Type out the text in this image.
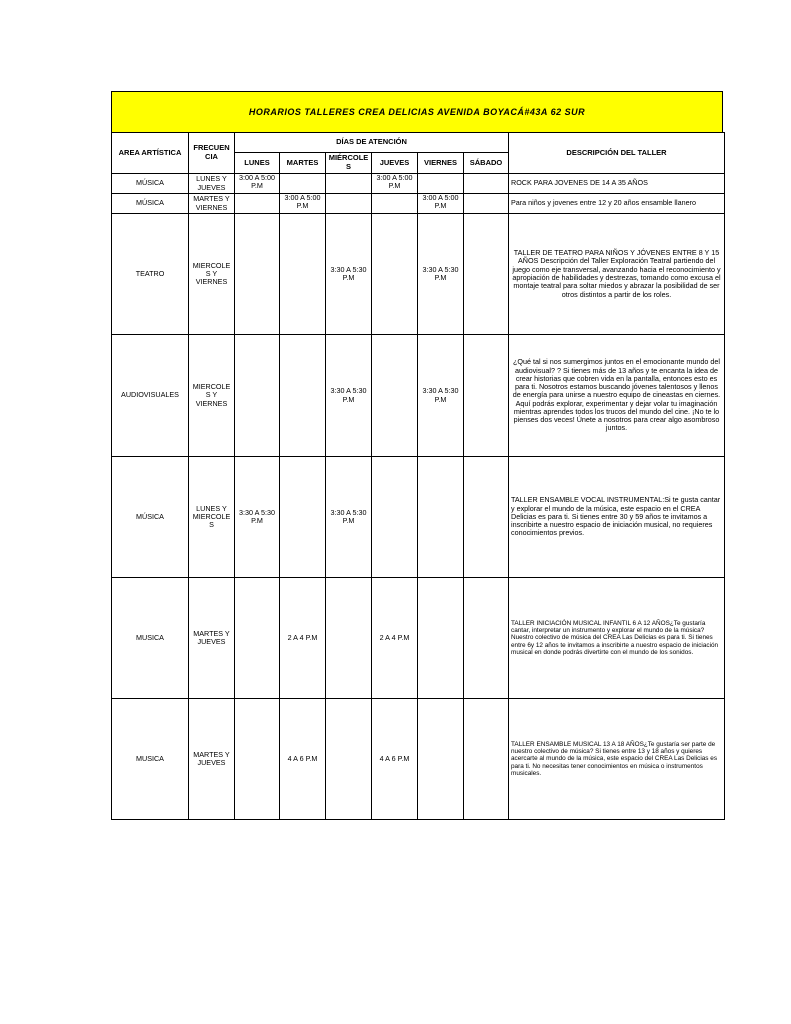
HORARIOS TALLERES CREA DELICIAS AVENIDA BOYACÁ#43A 62 SUR
AREA ARTÍSTICA	FRECUEN CIA	DÍAS DE ATENCIÓN						DESCRIPCIÓN DEL TALLER
		LUNES	MARTES	MIÉRCOLE S	JUEVES	VIERNES	SÁBADO	
MÚSICA	LUNES Y JUEVES	3:00 A 5:00 P.M			3:00 A 5:00 P.M			ROCK PARA JOVENES DE 14 A 35 AÑOS
MÚSICA	MARTES Y VIERNES		3:00 A 5:00 P.M			3:00 A 5:00 P.M		Para niños y jovenes entre 12 y 20 años ensamble llanero
TEATRO	MIERCOLE S Y VIERNES			3:30 A 5:30 P.M		3:30 A 5:30 P.M		TALLER DE TEATRO PARA NIÑOS Y JÓVENES ENTRE 8 Y 15 AÑOS Descripción del Taller Exploración Teatral partiendo del juego como eje transversal, avanzando hacia el reconocimiento y apropiación de habilidades y destrezas, tomando como excusa el montaje teatral para soltar miedos y abrazar la posibilidad de ser otros distintos a partir de los roles.
AUDIOVISUALES	MIERCOLE S Y VIERNES			3:30 A 5:30 P.M		3:30 A 5:30 P.M		¿Qué tal si nos sumergimos juntos en el emocionante mundo del audiovisual? ? Si tienes más de 13 años y te encanta la idea de crear historias que cobren vida en la pantalla, entonces esto es para ti. Nosotros estamos buscando jóvenes talentosos y llenos de energía para unirse a nuestro equipo de cineastas en ciernes. Aquí podrás explorar, experimentar y dejar volar tu imaginación mientras aprendes todos los trucos del mundo del cine. ¡No te lo pienses dos veces! Únete a nosotros para crear algo asombroso juntos.
MÚSICA	LUNES Y MIERCOLE S	3:30 A 5:30 P.M		3:30 A 5:30 P.M				TALLER ENSAMBLE VOCAL INSTRUMENTAL:Si te gusta cantar y explorar el mundo de la música, este espacio en el CREA Delicias es para ti. Si tienes entre 30 y 59 años te invitamos a inscribirte a nuestro espacio de iniciación musical, no requieres conocimientos previos.
MUSICA	MARTES Y JUEVES		2 A 4 P.M		2 A 4 P.M			TALLER INICIACIÓN MUSICAL INFANTIL 6 A 12 AÑOS¿Te gustaría cantar, interpretar un instrumento y explorar el mundo de la música? Nuestro colectivo de música del CREA Las Delicias es para ti. Si tienes entre 6y 12 años te invitamos a inscribirte a nuestro espacio de iniciación musical en donde podrás divertirte con el mundo de los sonidos.
MUSICA	MARTES Y JUEVES		4 A 6 P.M		4 A 6 P.M			TALLER ENSAMBLE MUSICAL 13 A 18 AÑOS¿Te gustaría ser parte de nuestro colectivo de música? Si tienes entre 13 y 18 años y quieres acercarte al mundo de la música, este espacio del CREA Las Delicias es para ti. No necesitas tener conocimientos en música o instrumentos musicales.
